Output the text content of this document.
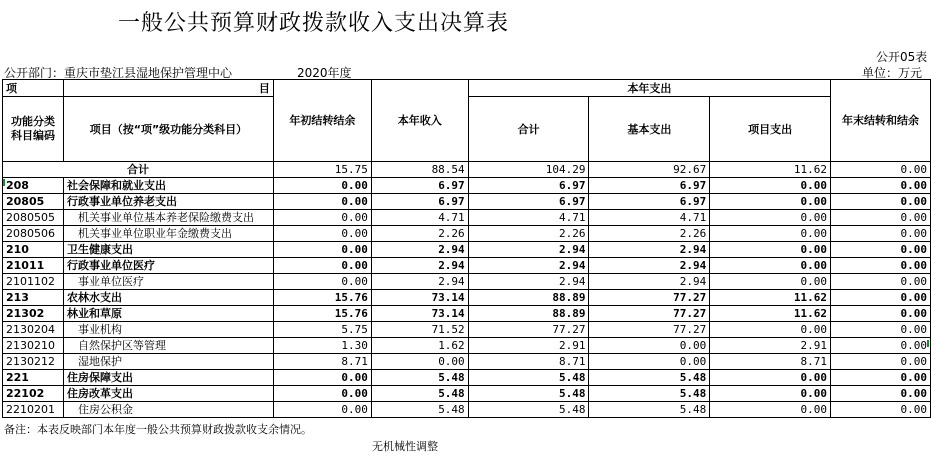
一般公共预算财政拨款收入支出决算表
公开05表
公开部门：重庆市垫江县湿地保护管理中心	2020年度	单位：万元
项	目	年初结转结余	本年收入	本年支出			年末结转和结余
功能分类科目编码	项目（按“项”级功能分类科目）			合计	基本支出	项目支出	
合计		15.75	88.54	104.29	92.67	11.62	0.00
208	社会保障和就业支出	0.00	6.97	6.97	6.97	0.00	0.00
20805	行政事业单位养老支出	0.00	6.97	6.97	6.97	0.00	0.00
2080505	机关事业单位基本养老保险缴费支出	0.00	4.71	4.71	4.71	0.00	0.00
2080506	机关事业单位职业年金缴费支出	0.00	2.26	2.26	2.26	0.00	0.00
210	卫生健康支出	0.00	2.94	2.94	2.94	0.00	0.00
21011	行政事业单位医疗	0.00	2.94	2.94	2.94	0.00	0.00
2101102	事业单位医疗	0.00	2.94	2.94	2.94	0.00	0.00
213	农林水支出	15.76	73.14	88.89	77.27	11.62	0.00
21302	林业和草原	15.76	73.14	88.89	77.27	11.62	0.00
2130204	事业机构	5.75	71.52	77.27	77.27	0.00	0.00
2130210	自然保护区等管理	1.30	1.62	2.91	0.00	2.91	0.00
2130212	湿地保护	8.71	0.00	8.71	0.00	8.71	0.00
221	住房保障支出	0.00	5.48	5.48	5.48	0.00	0.00
22102	住房改革支出	0.00	5.48	5.48	5.48	0.00	0.00
2210201	住房公积金	0.00	5.48	5.48	5.48	0.00	0.00
备注：本表反映部门本年度一般公共预算财政拨款收支余情况。
无机械性调整
